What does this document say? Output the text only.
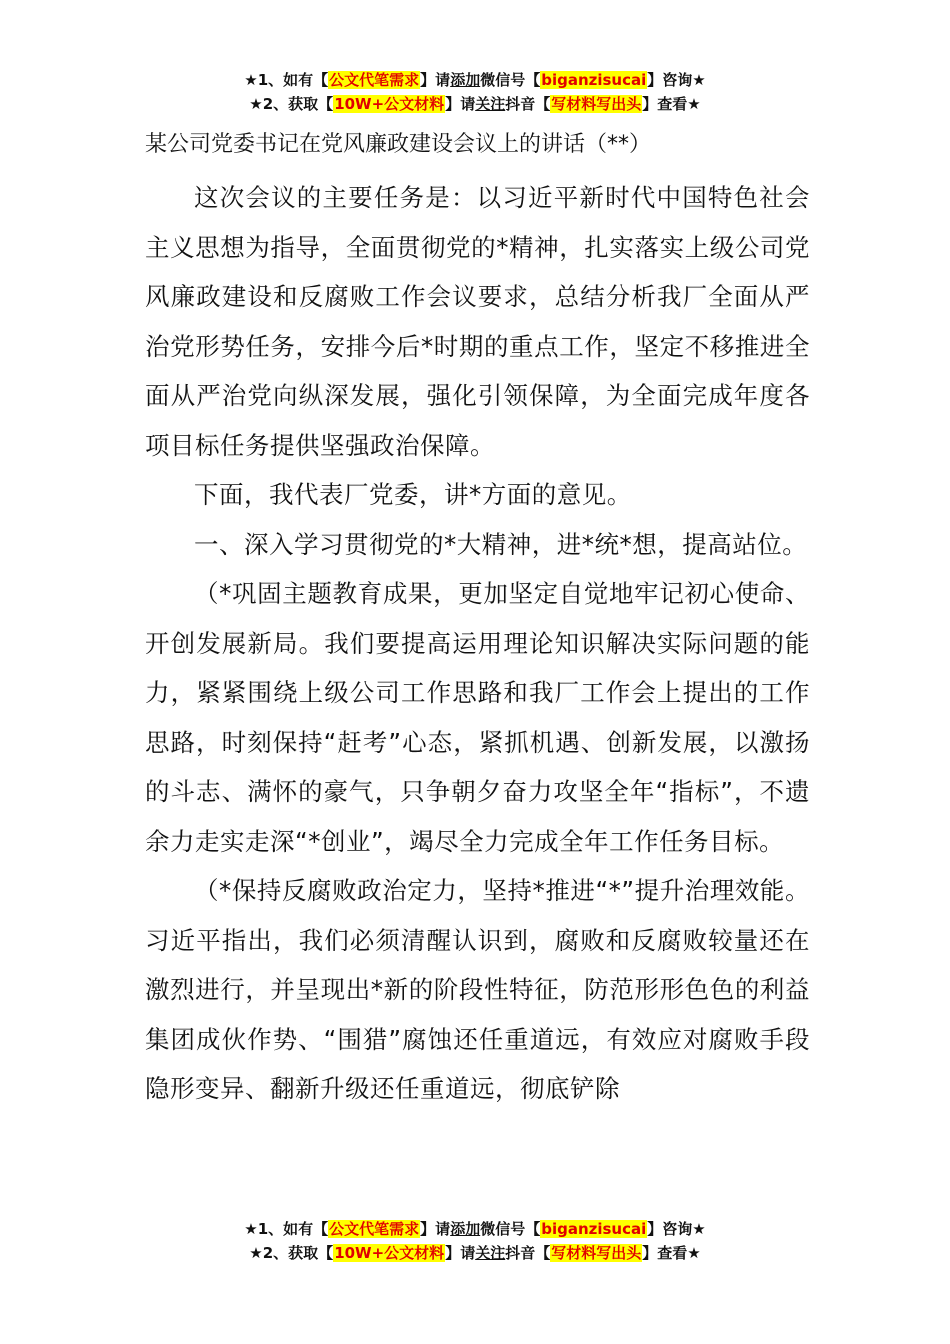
★1、如有【公文代笔需求】请添加微信号【biganzisucai】咨询★
★2、获取【10W+公文材料】请关注抖音【写材料写出头】查看★
某公司党委书记在党风廉政建设会议上的讲话（**）

这次会议的主要任务是：以习近平新时代中国特色社会主义思想为指导，全面贯彻党的*精神，扎实落实上级公司党风廉政建设和反腐败工作会议要求，总结分析我厂全面从严治党形势任务，安排今后*时期的重点工作，坚定不移推进全面从严治党向纵深发展，强化引领保障，为全面完成年度各项目标任务提供坚强政治保障。

下面，我代表厂党委，讲*方面的意见。

一、深入学习贯彻党的*大精神，进*统*想，提高站位。

（*巩固主题教育成果，更加坚定自觉地牢记初心使命、开创发展新局。我们要提高运用理论知识解决实际问题的能力，紧紧围绕上级公司工作思路和我厂工作会上提出的工作思路，时刻保持“赶考”心态，紧抓机遇、创新发展，以激扬的斗志、满怀的豪气，只争朝夕奋力攻坚全年“指标”，不遗余力走实走深“*创业”，竭尽全力完成全年工作任务目标。

（*保持反腐败政治定力，坚持*推进“*”提升治理效能。习近平指出，我们必须清醒认识到，腐败和反腐败较量还在激烈进行，并呈现出*新的阶段性特征，防范形形色色的利益集团成伙作势、“围猎”腐蚀还任重道远，有效应对腐败手段隐形变异、翻新升级还任重道远，彻底铲除

★1、如有【公文代笔需求】请添加微信号【biganzisucai】咨询★
★2、获取【10W+公文材料】请关注抖音【写材料写出头】查看★
